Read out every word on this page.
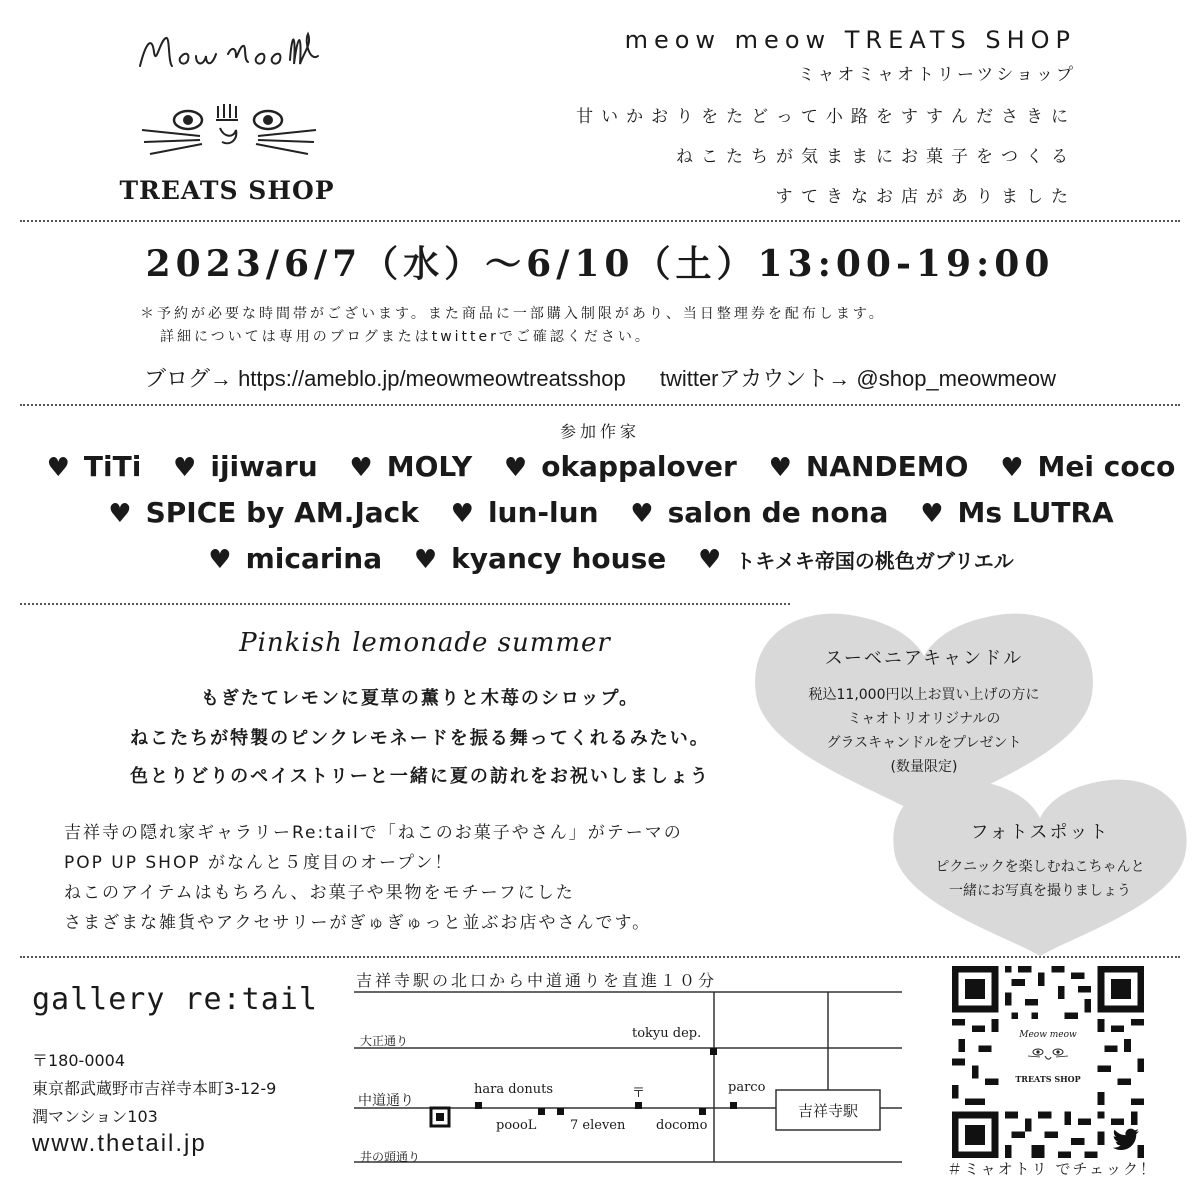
TREATS SHOP
meow meow TREATS SHOP
ミャオミャオトリーツショップ
甘いかおりをたどって小路をすすんださきに
ねこたちが気ままにお菓子をつくる
すてきなお店がありました
2023/6/7（水）〜6/10（土）13:00-19:00
＊予約が必要な時間帯がございます。また商品に一部購入制限があり、当日整理券を配布します。
詳細については専用のブログまたはtwitterでご確認ください。
ブログ→ https://ameblo.jp/meowmeowtreatsshop twitterアカウント→ @shop_meowmeow
参加作家
♥ TiTi ♥ ijiwaru ♥ MOLY ♥ okappalover ♥ NANDEMO ♥ Mei coco
♥ SPICE by AM.Jack ♥ lun-lun ♥ salon de nona ♥ Ms LUTRA
♥ micarina ♥ kyancy house ♥ トキメキ帝国の桃色ガブリエル
Pinkish lemonade summer
もぎたてレモンに夏草の薫りと木苺のシロップ。
ねこたちが特製のピンクレモネードを振る舞ってくれるみたい。
色とりどりのペイストリーと一緒に夏の訪れをお祝いしましょう
吉祥寺の隠れ家ギャラリーRe:tailで「ねこのお菓子やさん」がテーマの
POP UP SHOP がなんと５度目のオープン！
ねこのアイテムはもちろん、お菓子や果物をモチーフにした
さまざまな雑貨やアクセサリーがぎゅぎゅっと並ぶお店やさんです。
スーベニアキャンドル
税込11,000円以上お買い上げの方に
ミャオトリオリジナルの
グラスキャンドルをプレゼント
(数量限定)
フォトスポット
ピクニックを楽しむねこちゃんと
一緒にお写真を撮りましょう
gallery re:tail
〒180-0004
東京都武蔵野市吉祥寺本町3-12-9
潤マンション103
www.thetail.jp
吉祥寺駅の北口から中道通りを直進１０分
大正通り
中道通り
井の頭通り
tokyu dep.
hara donuts	〒	parco
poooL	7 eleven docomo
吉祥寺駅
Meow meow
TREATS SHOP
＃ミャオトリ でチェック！
